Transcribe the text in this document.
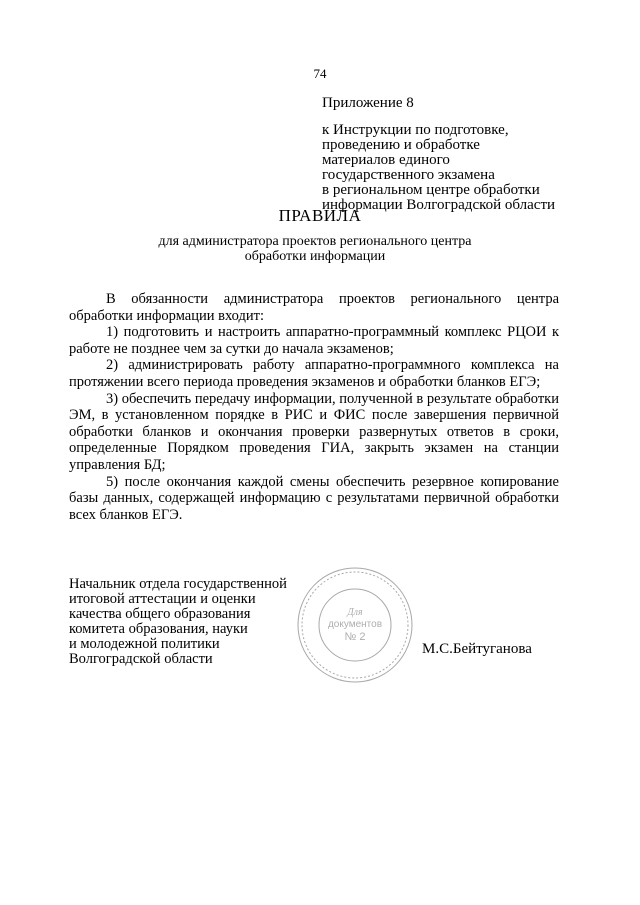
74
Приложение 8
к Инструкции по подготовке,
проведению и обработке
материалов единого
государственного экзамена
в региональном центре обработки
информации Волгоградской области
ПРАВИЛА
для администратора проектов регионального центра
обработки информации

В обязанности администратора проектов регионального центра обработки информации входит:

1) подготовить и настроить аппаратно-программный комплекс РЦОИ к работе не позднее чем за сутки до начала экзаменов;

2) администрировать работу аппаратно-программного комплекса на протяжении всего периода проведения экзаменов и обработки бланков ЕГЭ;

3) обеспечить передачу информации, полученной в результате обработки ЭМ, в установленном порядке в РИС и ФИС после завершения первичной обработки бланков и окончания проверки развернутых ответов в сроки, определенные Порядком проведения ГИА, закрыть экзамен на станции управления БД;

5) после окончания каждой смены обеспечить резервное копирование базы данных, содержащей информацию с результатами первичной обработки всех бланков ЕГЭ.

Начальник отдела государственной
итоговой аттестации и оценки
качества общего образования
комитета образования, науки
и молодежной политики
Волгоградской области
Для
документов
№ 2
М.С.Бейтуганова
